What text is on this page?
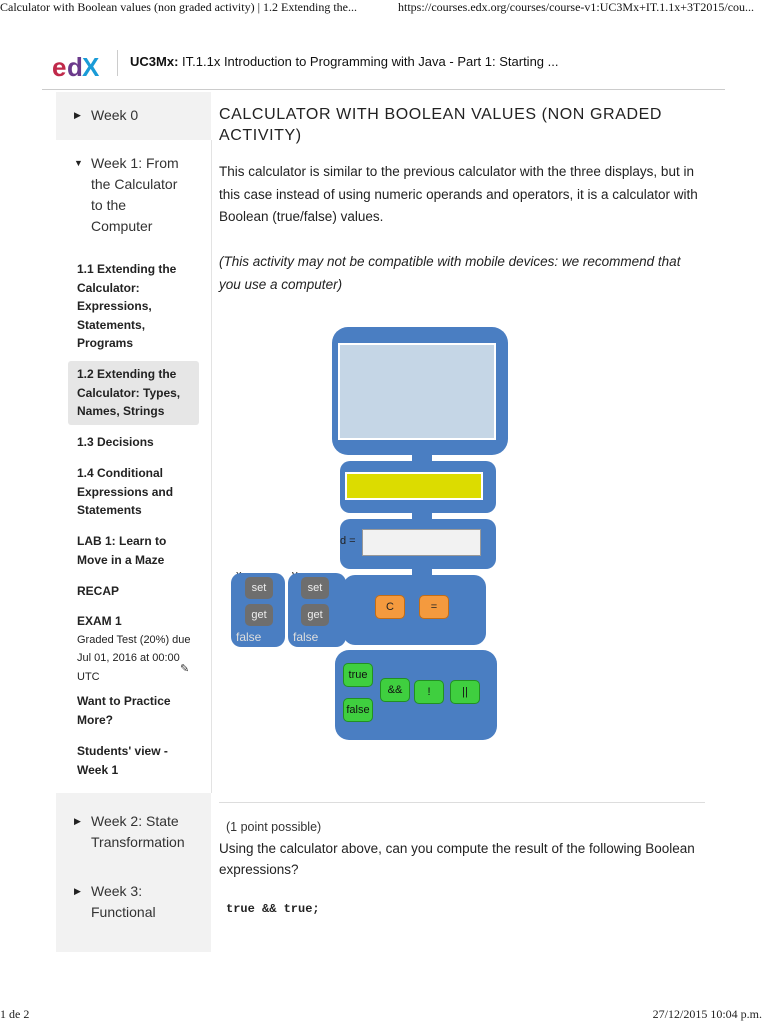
Calculator with Boolean values (non graded activity) | 1.2 Extending the...	https://courses.edx.org/courses/course-v1:UC3Mx+IT.1.1x+3T2015/cou...
e d X UC3Mx: IT.1.1x Introduction to Programming with Java - Part 1: Starting ...
▶ Week 0
▼ Week 1: From
the Calculator
to the
Computer
1.1 Extending the
Calculator:
Expressions,
Statements,
Programs
1.2 Extending the
Calculator: Types,
Names, Strings
1.3 Decisions
1.4 Conditional
Expressions and
Statements
LAB 1: Learn to
Move in a Maze
RECAP
EXAM 1
Graded Test (20%) due
Jul 01, 2016 at 00:00
UTC
✎
Want to Practice
More?
Students' view -
Week 1
▶ Week 2: State
Transformation
▶ Week 3:
Functional
CALCULATOR WITH BOOLEAN VALUES (NON GRADED ACTIVITY)
This calculator is similar to the previous calculator with the three displays, but in this case instead of using numeric operands and operators, it is a calculator with Boolean (true/false) values.
(This activity may not be compatible with mobile devices: we recommend that you use a computer)
d =
C	=
set
get
false
set
get
false
true
false
&&	!	||
(1 point possible)
Using the calculator above, can you compute the result of the following Boolean expressions?
true && true;
1 de 2	27/12/2015 10:04 p.m.
